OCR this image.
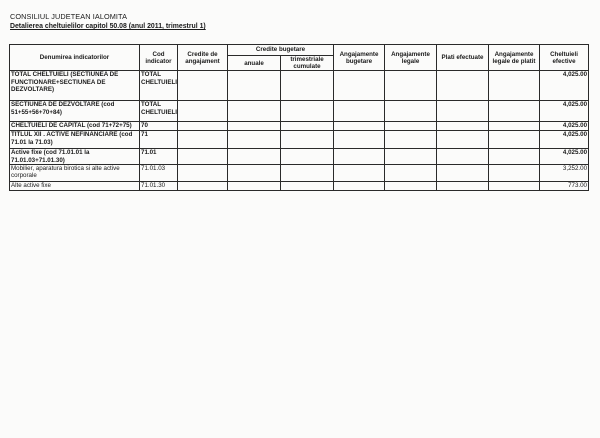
CONSILIUL JUDETEAN IALOMITA
Detalierea cheltuielilor capitol 50.08 (anul 2011, trimestrul 1)
Denumirea indicatorilor	Cod indicator	Credite de angajament	Credite bugetare		Angajamente bugetare	Angajamente legale	Plati efectuate	Angajamente legale de platit	Cheltuieli efective
			anuale	trimestriale cumulate					
TOTAL CHELTUIELI (SECTIUNEA DE FUNCTIONARE+SECTIUNEA DE DEZVOLTARE)	TOTAL CHELTUIELI								4,025.00
SECTIUNEA DE DEZVOLTARE (cod 51+55+56+70+84)	TOTAL CHELTUIELI								4,025.00
CHELTUIELI DE CAPITAL (cod 71+72+75)	70								4,025.00
TITLUL XII . ACTIVE NEFINANCIARE (cod 71.01 la 71.03)	71								4,025.00
Active fixe (cod 71.01.01 la 71.01.03+71.01.30)	71.01								4,025.00
Mobilier, aparatura birotica si alte active corporale	71.01.03								3,252.00
Alte active fixe	71.01.30								773.00
